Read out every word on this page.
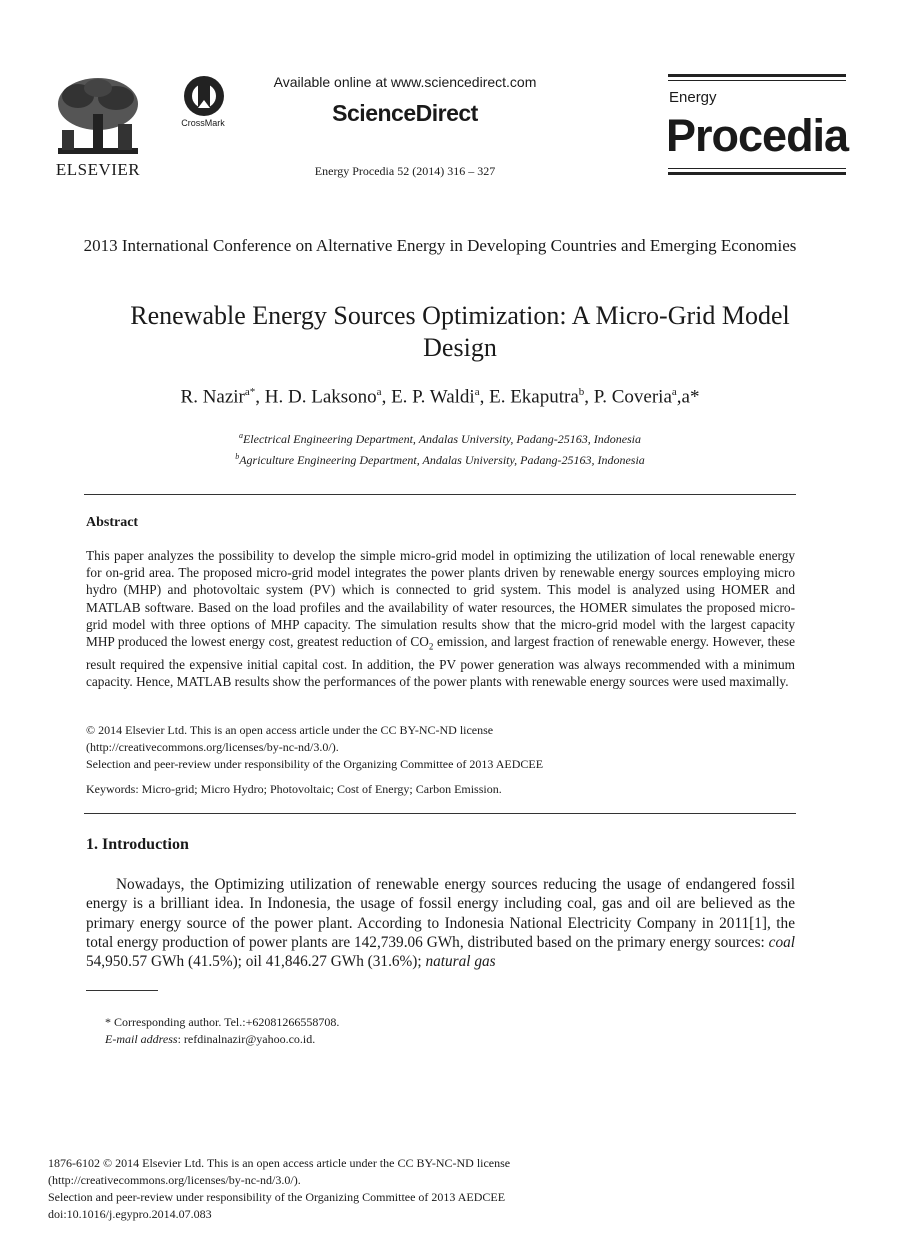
ELSEVIER
CrossMark
Available online at www.sciencedirect.com
ScienceDirect
Energy Procedia 52 (2014) 316 – 327
Energy
Procedia
2013 International Conference on Alternative Energy in Developing Countries and Emerging Economies
Renewable Energy Sources Optimization: A Micro-Grid Model Design
R. Nazir$^{a*}$, H. D. Laksono$^a$, E. P. Waldi$^a$, E. Ekaputra$^b$, P. Coveria$^a$,a*
$^a$Electrical Engineering Department, Andalas University, Padang-25163, Indonesia
$^b$Agriculture Engineering Department, Andalas University, Padang-25163, Indonesia
Abstract
This paper analyzes the possibility to develop the simple micro-grid model in optimizing the utilization of local renewable energy for on-grid area. The proposed micro-grid model integrates the power plants driven by renewable energy sources employing micro hydro (MHP) and photovoltaic system (PV) which is connected to grid system. This model is analyzed using HOMER and MATLAB software. Based on the load profiles and the availability of water resources, the HOMER simulates the proposed micro-grid model with three options of MHP capacity. The simulation results show that the micro-grid model with the largest capacity MHP produced the lowest energy cost, greatest reduction of $CO_2$ emission, and largest fraction of renewable energy. However, these result required the expensive initial capital cost. In addition, the PV power generation was always recommended with a minimum capacity. Hence, MATLAB results show the performances of the power plants with renewable energy sources were used maximally.
© 2014 Elsevier Ltd. This is an open access article under the CC BY-NC-ND license
(http://creativecommons.org/licenses/by-nc-nd/3.0/).
Selection and peer-review under responsibility of the Organizing Committee of 2013 AEDCEE
Keywords: Micro-grid; Micro Hydro; Photovoltaic; Cost of Energy; Carbon Emission.
1. Introduction
Nowadays, the Optimizing utilization of renewable energy sources reducing the usage of endangered fossil energy is a brilliant idea. In Indonesia, the usage of fossil energy including coal, gas and oil are believed as the primary energy source of the power plant. According to Indonesia National Electricity Company in 2011[1], the total energy production of power plants are 142,739.06 GWh, distributed based on the primary energy sources: coal 54,950.57 GWh (41.5%); oil 41,846.27 GWh (31.6%); natural gas
* Corresponding author. Tel.:+62081266558708.
E-mail address: refdinalnazir@yahoo.co.id.
1876-6102 © 2014 Elsevier Ltd. This is an open access article under the CC BY-NC-ND license
(http://creativecommons.org/licenses/by-nc-nd/3.0/).
Selection and peer-review under responsibility of the Organizing Committee of 2013 AEDCEE
doi:10.1016/j.egypro.2014.07.083
